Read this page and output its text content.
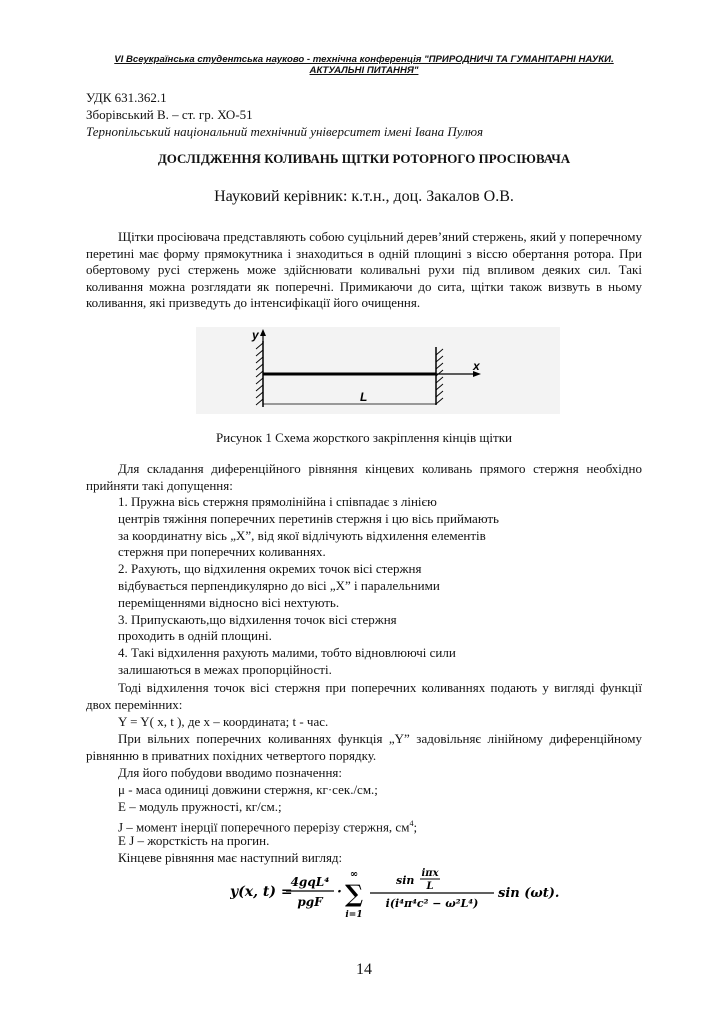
VI Всеукраїнська студентська науково - технічна конференція "ПРИРОДНИЧІ ТА ГУМАНІТАРНІ НАУКИ.
АКТУАЛЬНІ ПИТАННЯ"
УДК 631.362.1
Зборівський В. – ст. гр. ХО-51
Тернопільський національний технічний університет імені Івана Пулюя
ДОСЛІДЖЕННЯ КОЛИВАНЬ ЩІТКИ РОТОРНОГО ПРОСІЮВАЧА
Науковий керівник: к.т.н., доц. Закалов О.В.

Щітки просіювача представляють собою суцільний дерев’яний стержень, який у поперечному перетині має форму прямокутника і знаходиться в одній площині з віссю обертання ротора. При обертовому русі стержень може здійснювати коливальні рухи під впливом деяких сил. Такі коливання можна розглядати як поперечні. Примикаючи до сита, щітки також визвуть в ньому коливання, які призведуть до інтенсифікації його очищення.

y
x
L
Рисунок 1 Схема жорсткого закріплення кінців щітки

Для складання диференційного рівняння кінцевих коливань прямого стержня необхідно прийняти такі допущення:

1. Пружна вісь стержня прямолінійна і співпадає з лінією
центрів тяжіння поперечних перетинів стержня і цю вісь приймають
за координатну вісь „Х”, від якої відлічують відхилення елементів
стержня при поперечних коливаннях.
2. Рахують, що відхилення окремих точок вісі стержня
відбувається перпендикулярно до вісі „Х” і паралельними
переміщеннями відносно вісі нехтують.
3. Припускають,що відхилення точок вісі стержня
проходить в одній площині.
4. Такі відхилення рахують малими, тобто відновлюючі сили
залишаються в межах пропорційності.

Тоді відхилення точок вісі стержня при поперечних коливаннях подають у вигляді функції двох перемінних:

Y = Y( x, t ), де х – координата; t - час.

При вільних поперечних коливаннях функція „Y” задовільняє лінійному диференційному рівнянню в приватних похідних четвертого порядку.

Для його побудови вводимо позначення:
μ - маса одиниці довжини стержня, кг·сек./см.;
E – модуль пружності, кг/см.;
J – момент інерції поперечного перерізу стержня, $см^4$;
E J – жорсткість на прогин.
Кінцеве рівняння має наступний вигляд:
y(x, t) =
4gqL⁴
pgF
·
∞
∑
i=1
sin
iπx
L
i(i⁴π⁴c² − ω²L⁴)
sin (ωt).
14
